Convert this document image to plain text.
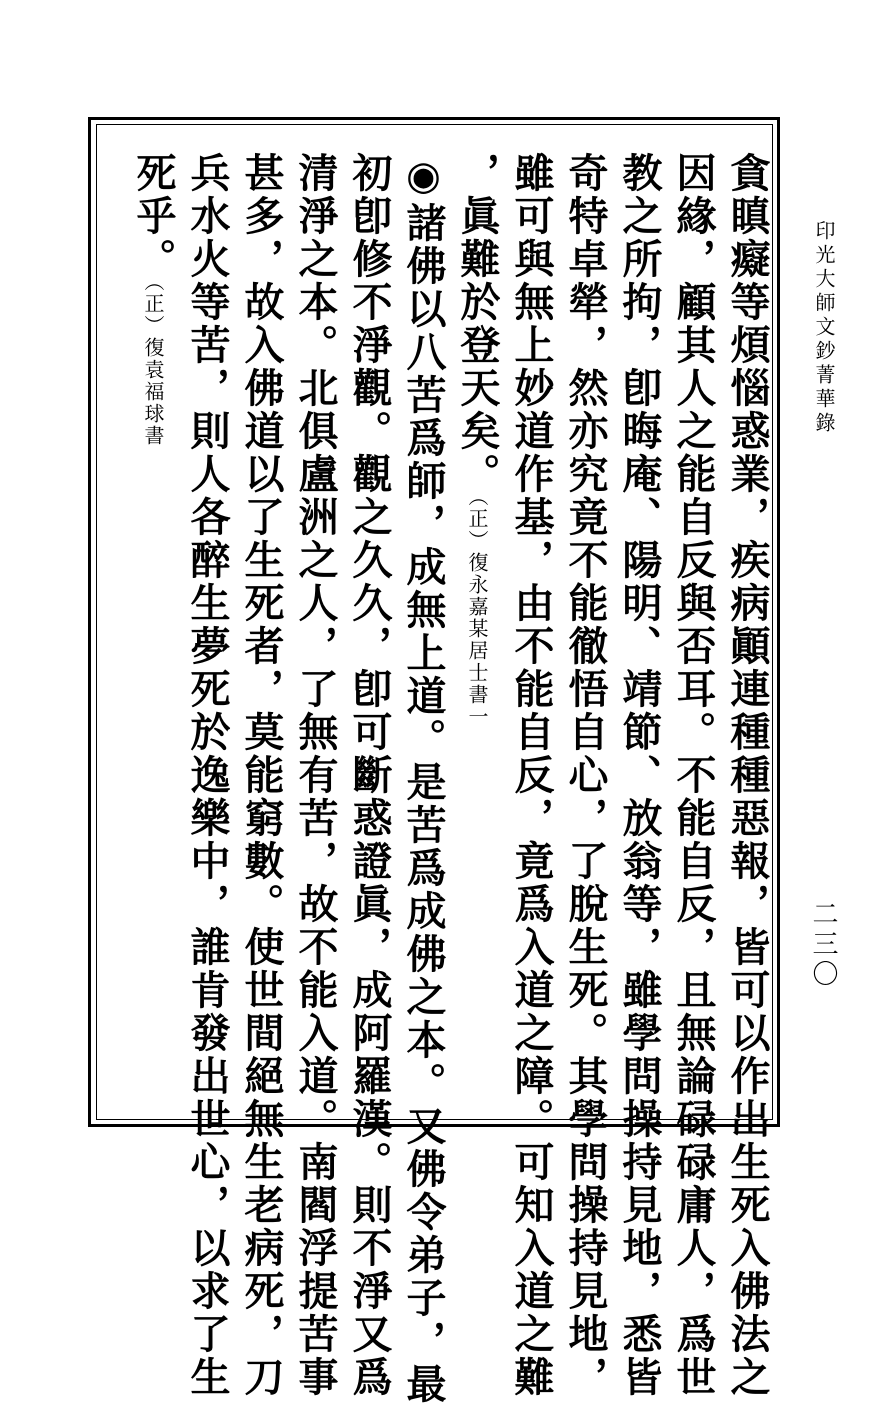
印光大師文鈔菁華錄
二三〇
貪瞋癡等煩惱惑業，疾病顚連種種惡報，皆可以作出生死入佛法之
因緣，顧其人之能自反與否耳。不能自反，且無論碌碌庸人，爲世
教之所拘，卽晦庵、陽明、靖節、放翁等，雖學問操持見地，悉皆
奇特卓犖，然亦究竟不能徹悟自心，了脫生死。其學問操持見地，
雖可與無上妙道作基，由不能自反，竟爲入道之障。可知入道之難
，眞難於登天矣。（正）復永嘉某居士書一
◉諸佛以八苦爲師，成無上道。是苦爲成佛之本。又佛令弟子，最
初卽修不淨觀。觀之久久，卽可斷惑證眞，成阿羅漢。則不淨又爲
清淨之本。北俱盧洲之人，了無有苦，故不能入道。南閻浮提苦事
甚多，故入佛道以了生死者，莫能窮數。使世間絕無生老病死，刀
兵水火等苦，則人各醉生夢死於逸樂中，誰肯發出世心，以求了生
死乎。（正）復袁福球書
